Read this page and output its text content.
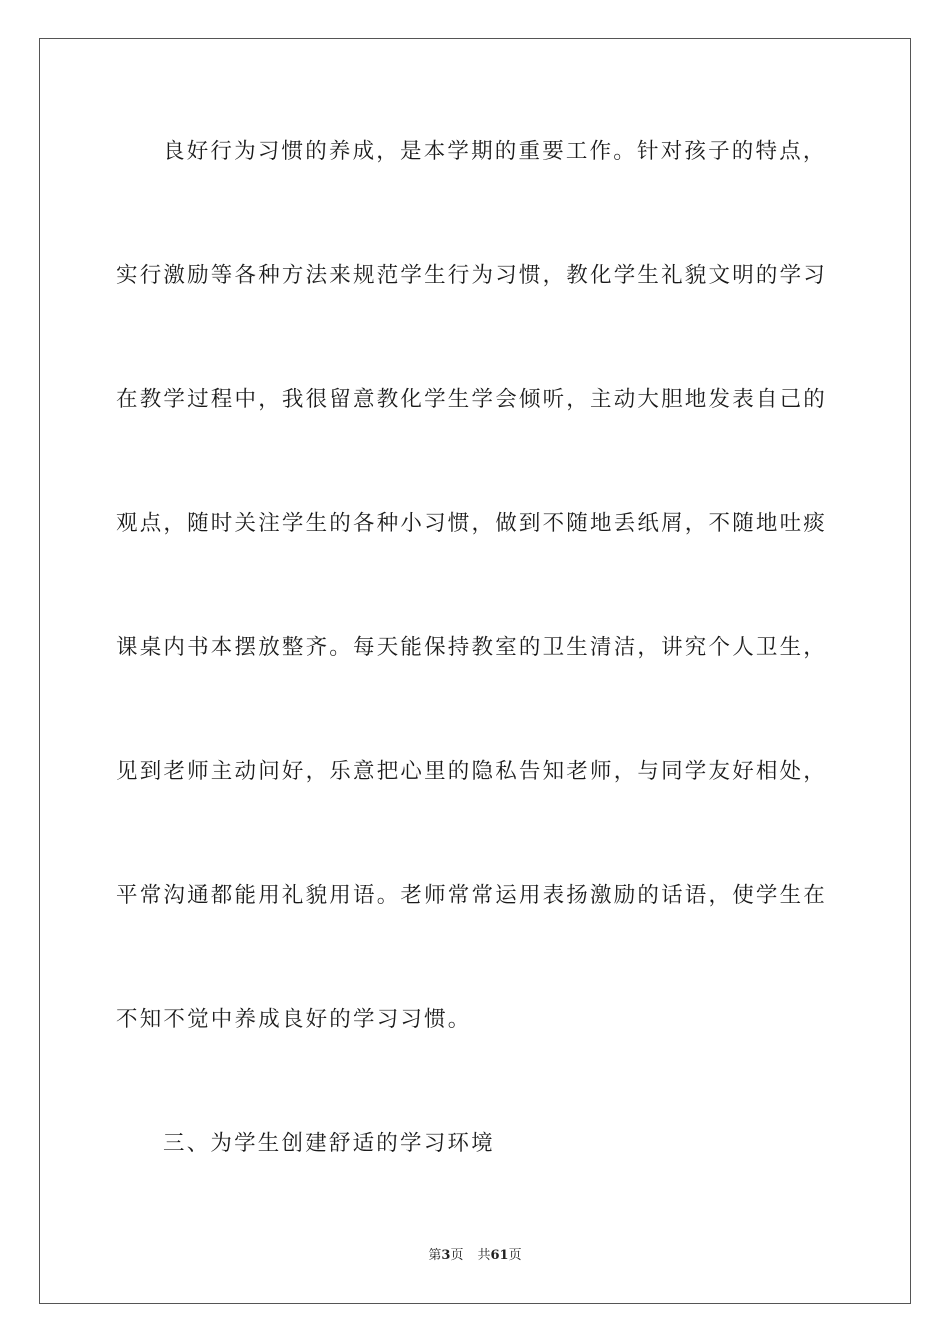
良好行为习惯的养成，是本学期的重要工作。针对孩子的特点，
实行激励等各种方法来规范学生行为习惯，教化学生礼貌文明的学习
在教学过程中，我很留意教化学生学会倾听，主动大胆地发表自己的
观点，随时关注学生的各种小习惯，做到不随地丢纸屑，不随地吐痰
课桌内书本摆放整齐。每天能保持教室的卫生清洁，讲究个人卫生，
见到老师主动问好，乐意把心里的隐私告知老师，与同学友好相处，
平常沟通都能用礼貌用语。老师常常运用表扬激励的话语，使学生在
不知不觉中养成良好的学习习惯。
三、为学生创建舒适的学习环境
第3页 共61页
